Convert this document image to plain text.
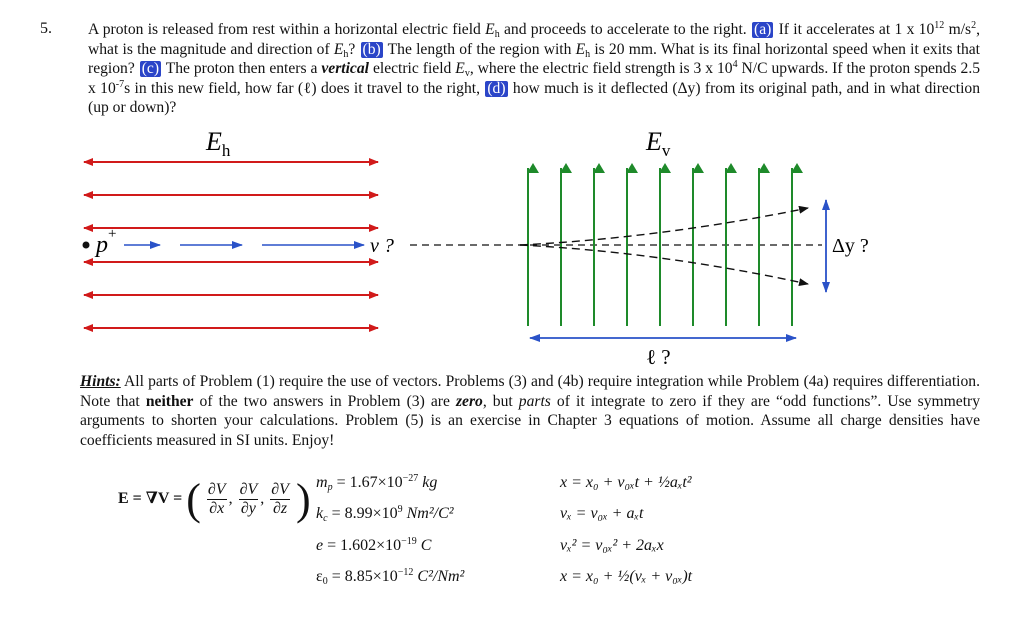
5. A proton is released from rest within a horizontal electric field $E_h$ and proceeds to accelerate to the right. (a) If it accelerates at 1 x $10^{12}$ $m/s^2$, what is the magnitude and direction of $E_h$? (b) The length of the region with $E_h$ is 20 mm. What is its final horizontal speed when it exits that region? (c) The proton then enters a vertical electric field $E_v$, where the electric field strength is 3 x $10^4$ N/C upwards. If the proton spends 2.5 x $10^{-7}s$ in this new field, how far (ℓ) does it travel to the right, (d) how much is it deflected (Δy) from its original path, and in what direction (up or down)?
$E_h$	$E_v$
p+
v ?	Δy ?
ℓ ?
Hints: All parts of Problem (1) require the use of vectors. Problems (3) and (4b) require integration while Problem (4a) requires differentiation. Note that neither of the two answers in Problem (3) are zero, but parts of it integrate to zero if they are “odd functions”. Use symmetry arguments to shorten your calculations. Problem (5) is an exercise in Chapter 3 equations of motion. Assume all charge densities have coefficients measured in SI units. Enjoy!
E = ∇V = ( $\frac{\partial V}{\partial x}$ , $\frac{\partial V}{\partial y}$ , $\frac{\partial V}{\partial z}$ ) $m_p = 1.67\times 10^{-27}$ kg
$k_c = 8.99\times 10^9$ Nm²/C²
$e = 1.602\times 10^{-19}$ C
$\varepsilon_0 = 8.85\times 10^{-12}$ C²/Nm²
x = x₀ + v₀ₓt + ½aₓt²
vₓ = v₀ₓ + aₓt
vₓ² = v₀ₓ² + 2aₓx
x = x₀ + ½(vₓ + v₀ₓ)t
